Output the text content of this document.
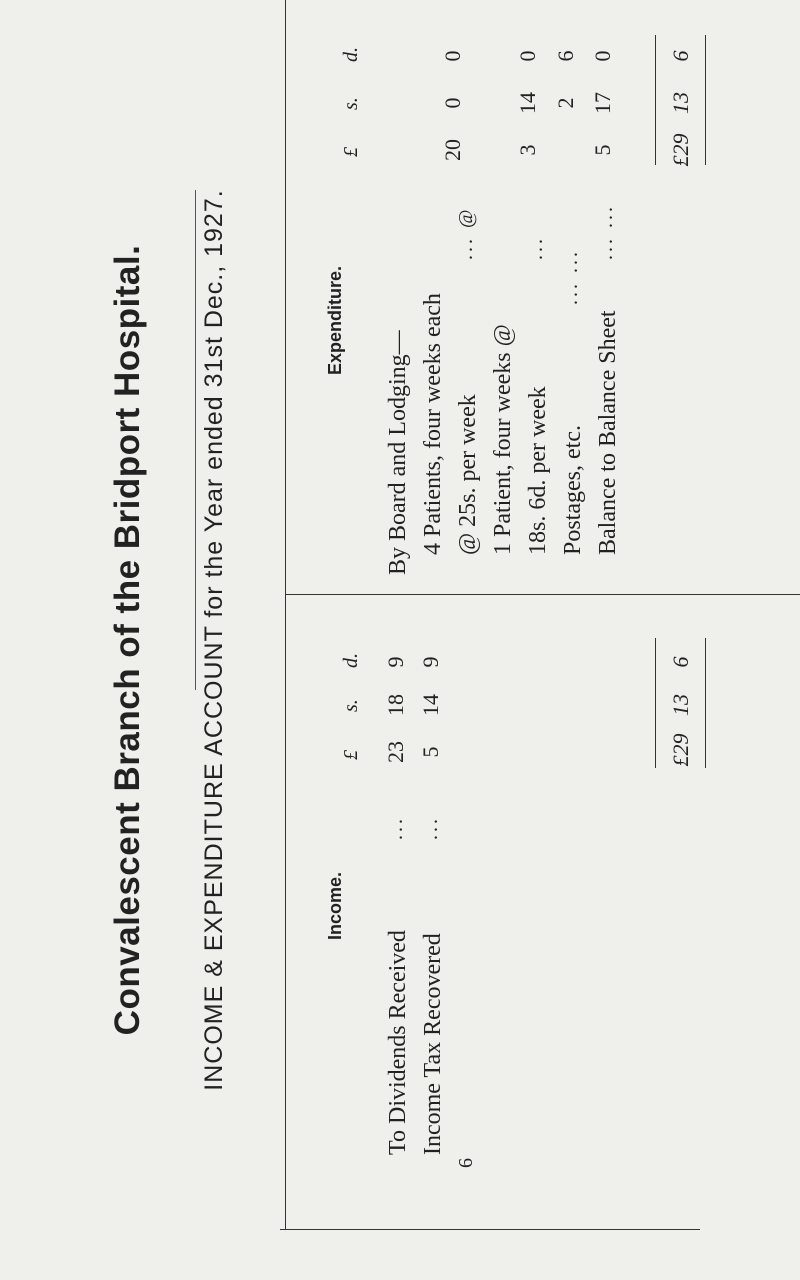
Convalescent Branch of the Bridport Hospital. INCOME & EXPENDITURE ACCOUNT for the Year ended 31st Dec., 1927.	Income.
£
s.
d.
To Dividends Received
...
23
18
9
Income Tax Recovered
...
5
14
9
£29
13
6
6
Expenditure.
£
s.
d.
By Board and Lodging— 4 Patients, four weeks each @ 25s. per week
... @
20
0
0
1 Patient, four weeks @ 18s. 6d. per week
...
3
14
0
Postages, etc.
... ...
2
6
Balance to Balance Sheet
... ...
5
17
0
£29
13
6
